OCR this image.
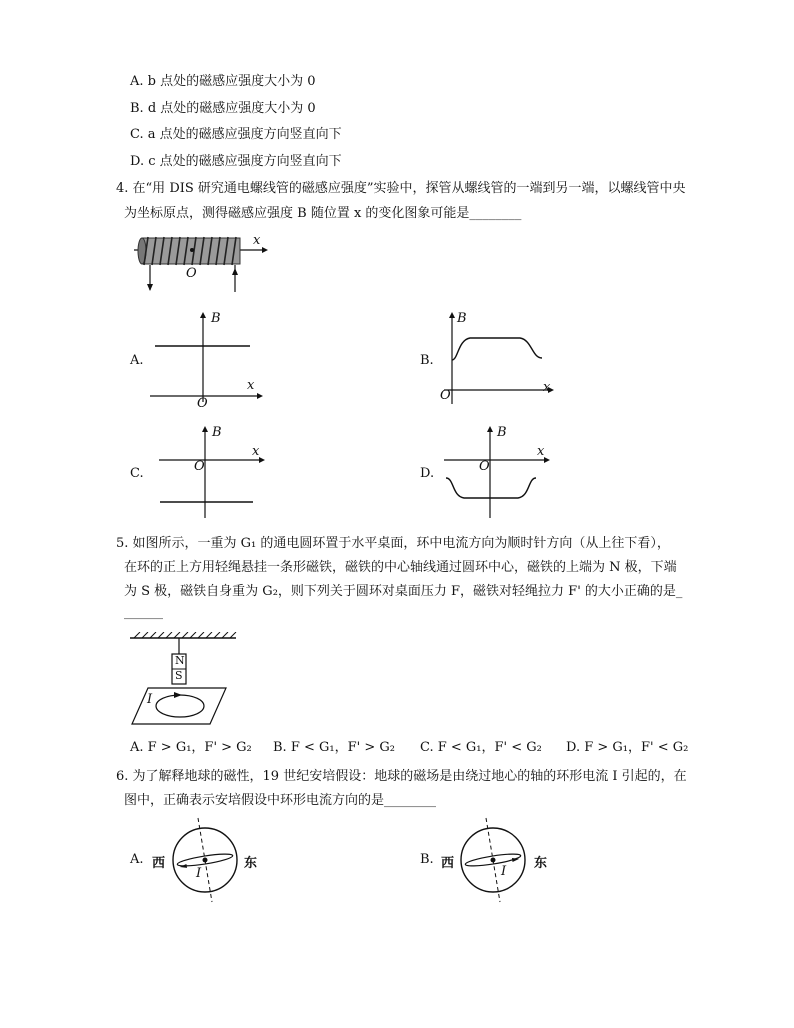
A. b 点处的磁感应强度大小为 0
B. d 点处的磁感应强度大小为 0
C. a 点处的磁感应强度方向竖直向下
D. c 点处的磁感应强度方向竖直向下
4. 在“用 DIS 研究通电螺线管的磁感应强度”实验中，探管从螺线管的一端到另一端，以螺线管中央
为坐标原点，测得磁感应强度 B 随位置 x 的变化图象可能是________
x
O
A.
B
x
O
B.
B
x
O
C.
B
x
O	D.
B
x
O
5. 如图所示，一重为 G₁ 的通电圆环置于水平桌面，环中电流方向为顺时针方向（从上往下看），
在环的正上方用轻绳悬挂一条形磁铁，磁铁的中心轴线通过圆环中心，磁铁的上端为 N 极，下端
为 S 极，磁铁自身重为 G₂，则下列关于圆环对桌面压力 F，磁铁对轻绳拉力 F' 的大小正确的是_
______
N
S
I
A. F > G₁，F' > G₂ B. F < G₁，F' > G₂ C. F < G₁，F' < G₂ D. F > G₁，F' < G₂
6. 为了解释地球的磁性，19 世纪安培假设：地球的磁场是由绕过地心的轴的环形电流 I 引起的，在
图中，正确表示安培假设中环形电流方向的是________
A. 西	东
I
B. 西	东
I
